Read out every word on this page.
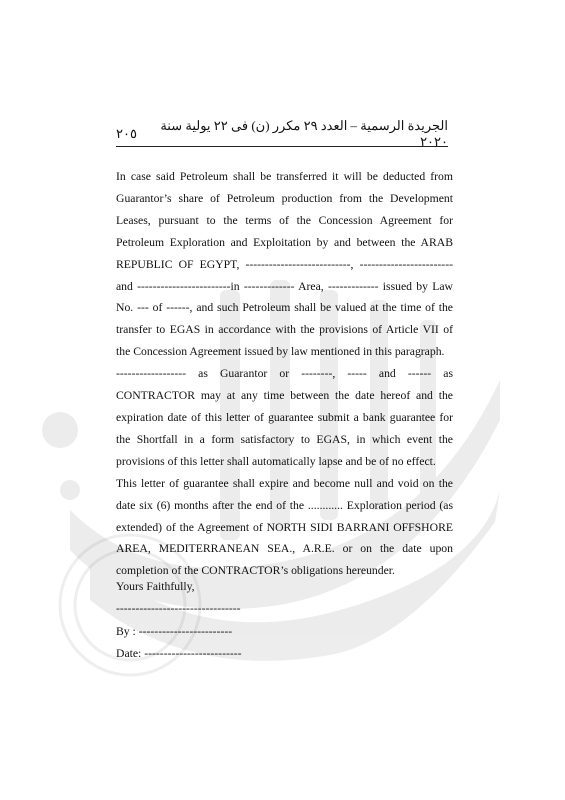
٢٠٥
الجريدة الرسمية – العدد ٢٩ مكرر (ن) فى ٢٢ يولية سنة ٢٠٢٠

In case said Petroleum shall be transferred it will be deducted from Guarantor’s share of Petroleum production from the Development Leases, pursuant to the terms of the Concession Agreement for Petroleum Exploration and Exploitation by and between the ARAB REPUBLIC OF EGYPT, ---------------------------, ------------------------ and ------------------------in ------------- Area, ------------- issued by Law No. --- of ------, and such Petroleum shall be valued at the time of the transfer to EGAS in accordance with the provisions of Article VII of the Concession Agreement issued by law mentioned in this paragraph.

------------------ as Guarantor or --------, ----- and ------ as CONTRACTOR may at any time between the date hereof and the expiration date of this letter of guarantee submit a bank guarantee for the Shortfall in a form satisfactory to EGAS, in which event the provisions of this letter shall automatically lapse and be of no effect.

This letter of guarantee shall expire and become null and void on the date six (6) months after the end of the ............ Exploration period (as extended) of the Agreement of NORTH SIDI BARRANI OFFSHORE AREA, MEDITERRANEAN SEA., A.R.E. or on the date upon completion of the CONTRACTOR’s obligations hereunder.

Yours Faithfully,
--------------------------------
By : ------------------------
Date: -------------------------
